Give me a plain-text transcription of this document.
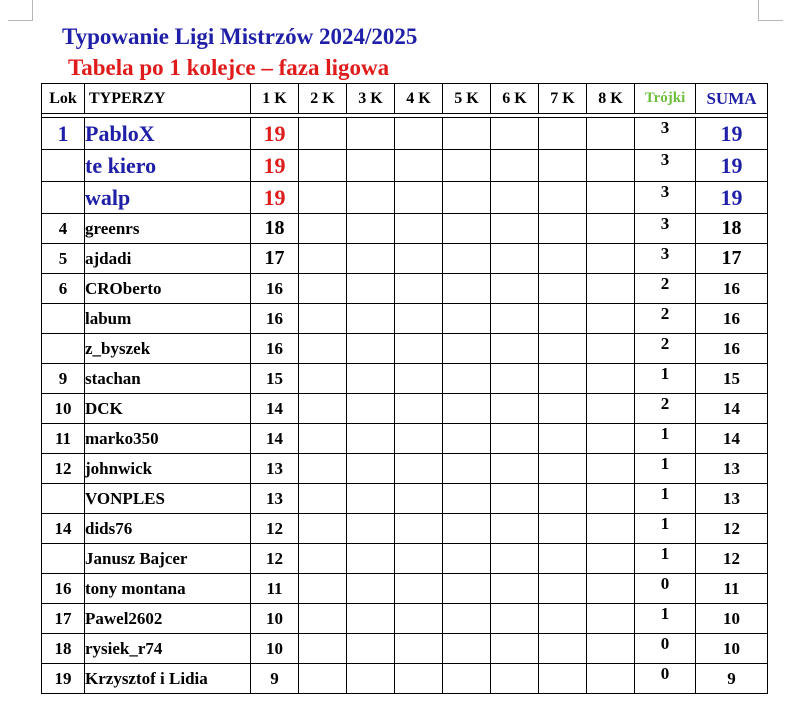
Typowanie Ligi Mistrzów 2024/2025
Tabela po 1 kolejce – faza ligowa
Lok	TYPERZY	1 K	2 K	3 K	4 K	5 K	6 K	7 K	8 K	Trójki	SUMA

1	PabloX	19								3	19
	te kiero	19								3	19
	walp	19								3	19
4	greenrs	18								3	18
5	ajdadi	17								3	17
6	CROberto	16								2	16
	labum	16								2	16
	z_byszek	16								2	16
9	stachan	15								1	15
10	DCK	14								2	14
11	marko350	14								1	14
12	johnwick	13								1	13
	VONPLES	13								1	13
14	dids76	12								1	12
	Janusz Bajcer	12								1	12
16	tony montana	11								0	11
17	Pawel2602	10								1	10
18	rysiek_r74	10								0	10
19	Krzysztof i Lidia	9								0	9
